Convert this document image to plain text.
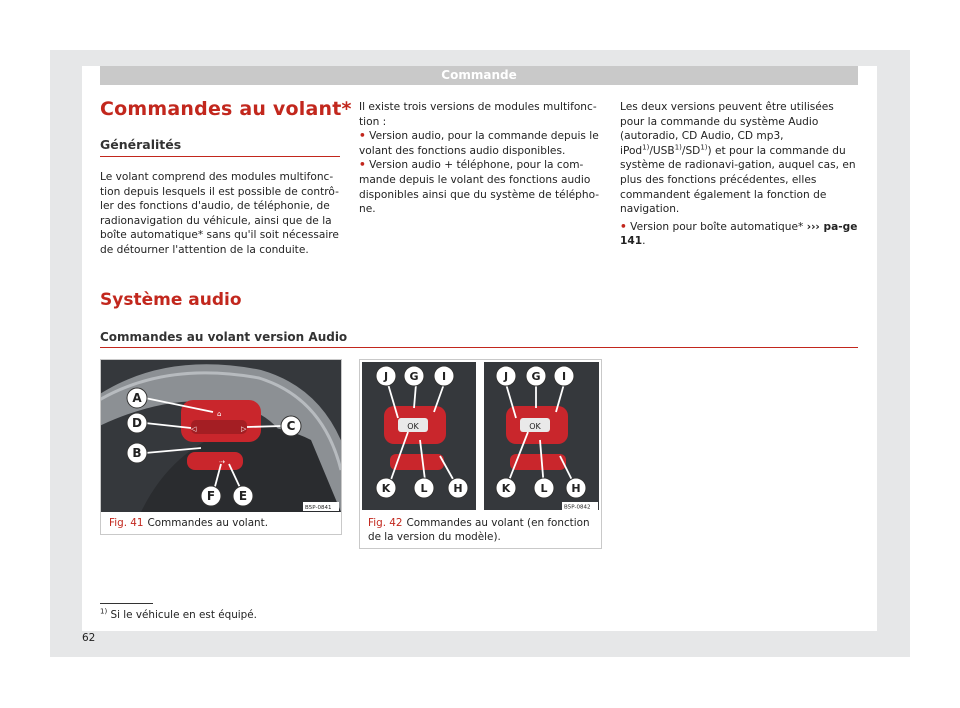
Commande
Commandes au volant*
Généralités

Le volant comprend des modules multifonc-tion depuis lesquels il est possible de contrô-ler des fonctions d'audio, de téléphonie, de radionavigation du véhicule, ainsi que de la boîte automatique* sans qu'il soit nécessaire de détourner l'attention de la conduite.

Il existe trois versions de modules multifonc-tion :

• Version audio, pour la commande depuis le volant des fonctions audio disponibles.

• Version audio + téléphone, pour la com-mande depuis le volant des fonctions audio disponibles ainsi que du système de télépho-ne.

Les deux versions peuvent être utilisées pour la commande du système Audio (autoradio, CD Audio, CD mp3, iPod$^{1)}$/USB$^{1)}$/SD$^{1)}$) et pour la commande du système de radionavi-gation, auquel cas, en plus des fonctions précédentes, elles commandent également la fonction de navigation.

• Version pour boîte automatique* ››› pa-ge 141.

Système audio
Commandes au volant version Audio
⌂
◁	▷
⇢
A
D
B
C
F E
B5P-0841
Fig. 41 Commandes au volant.
OK	OK
J G I
K	L H
J G I
K	L H
B5P-0842
Fig. 42 Commandes au volant (en fonction de la version du modèle).
$^{1)}$ Si le véhicule en est équipé.
62
